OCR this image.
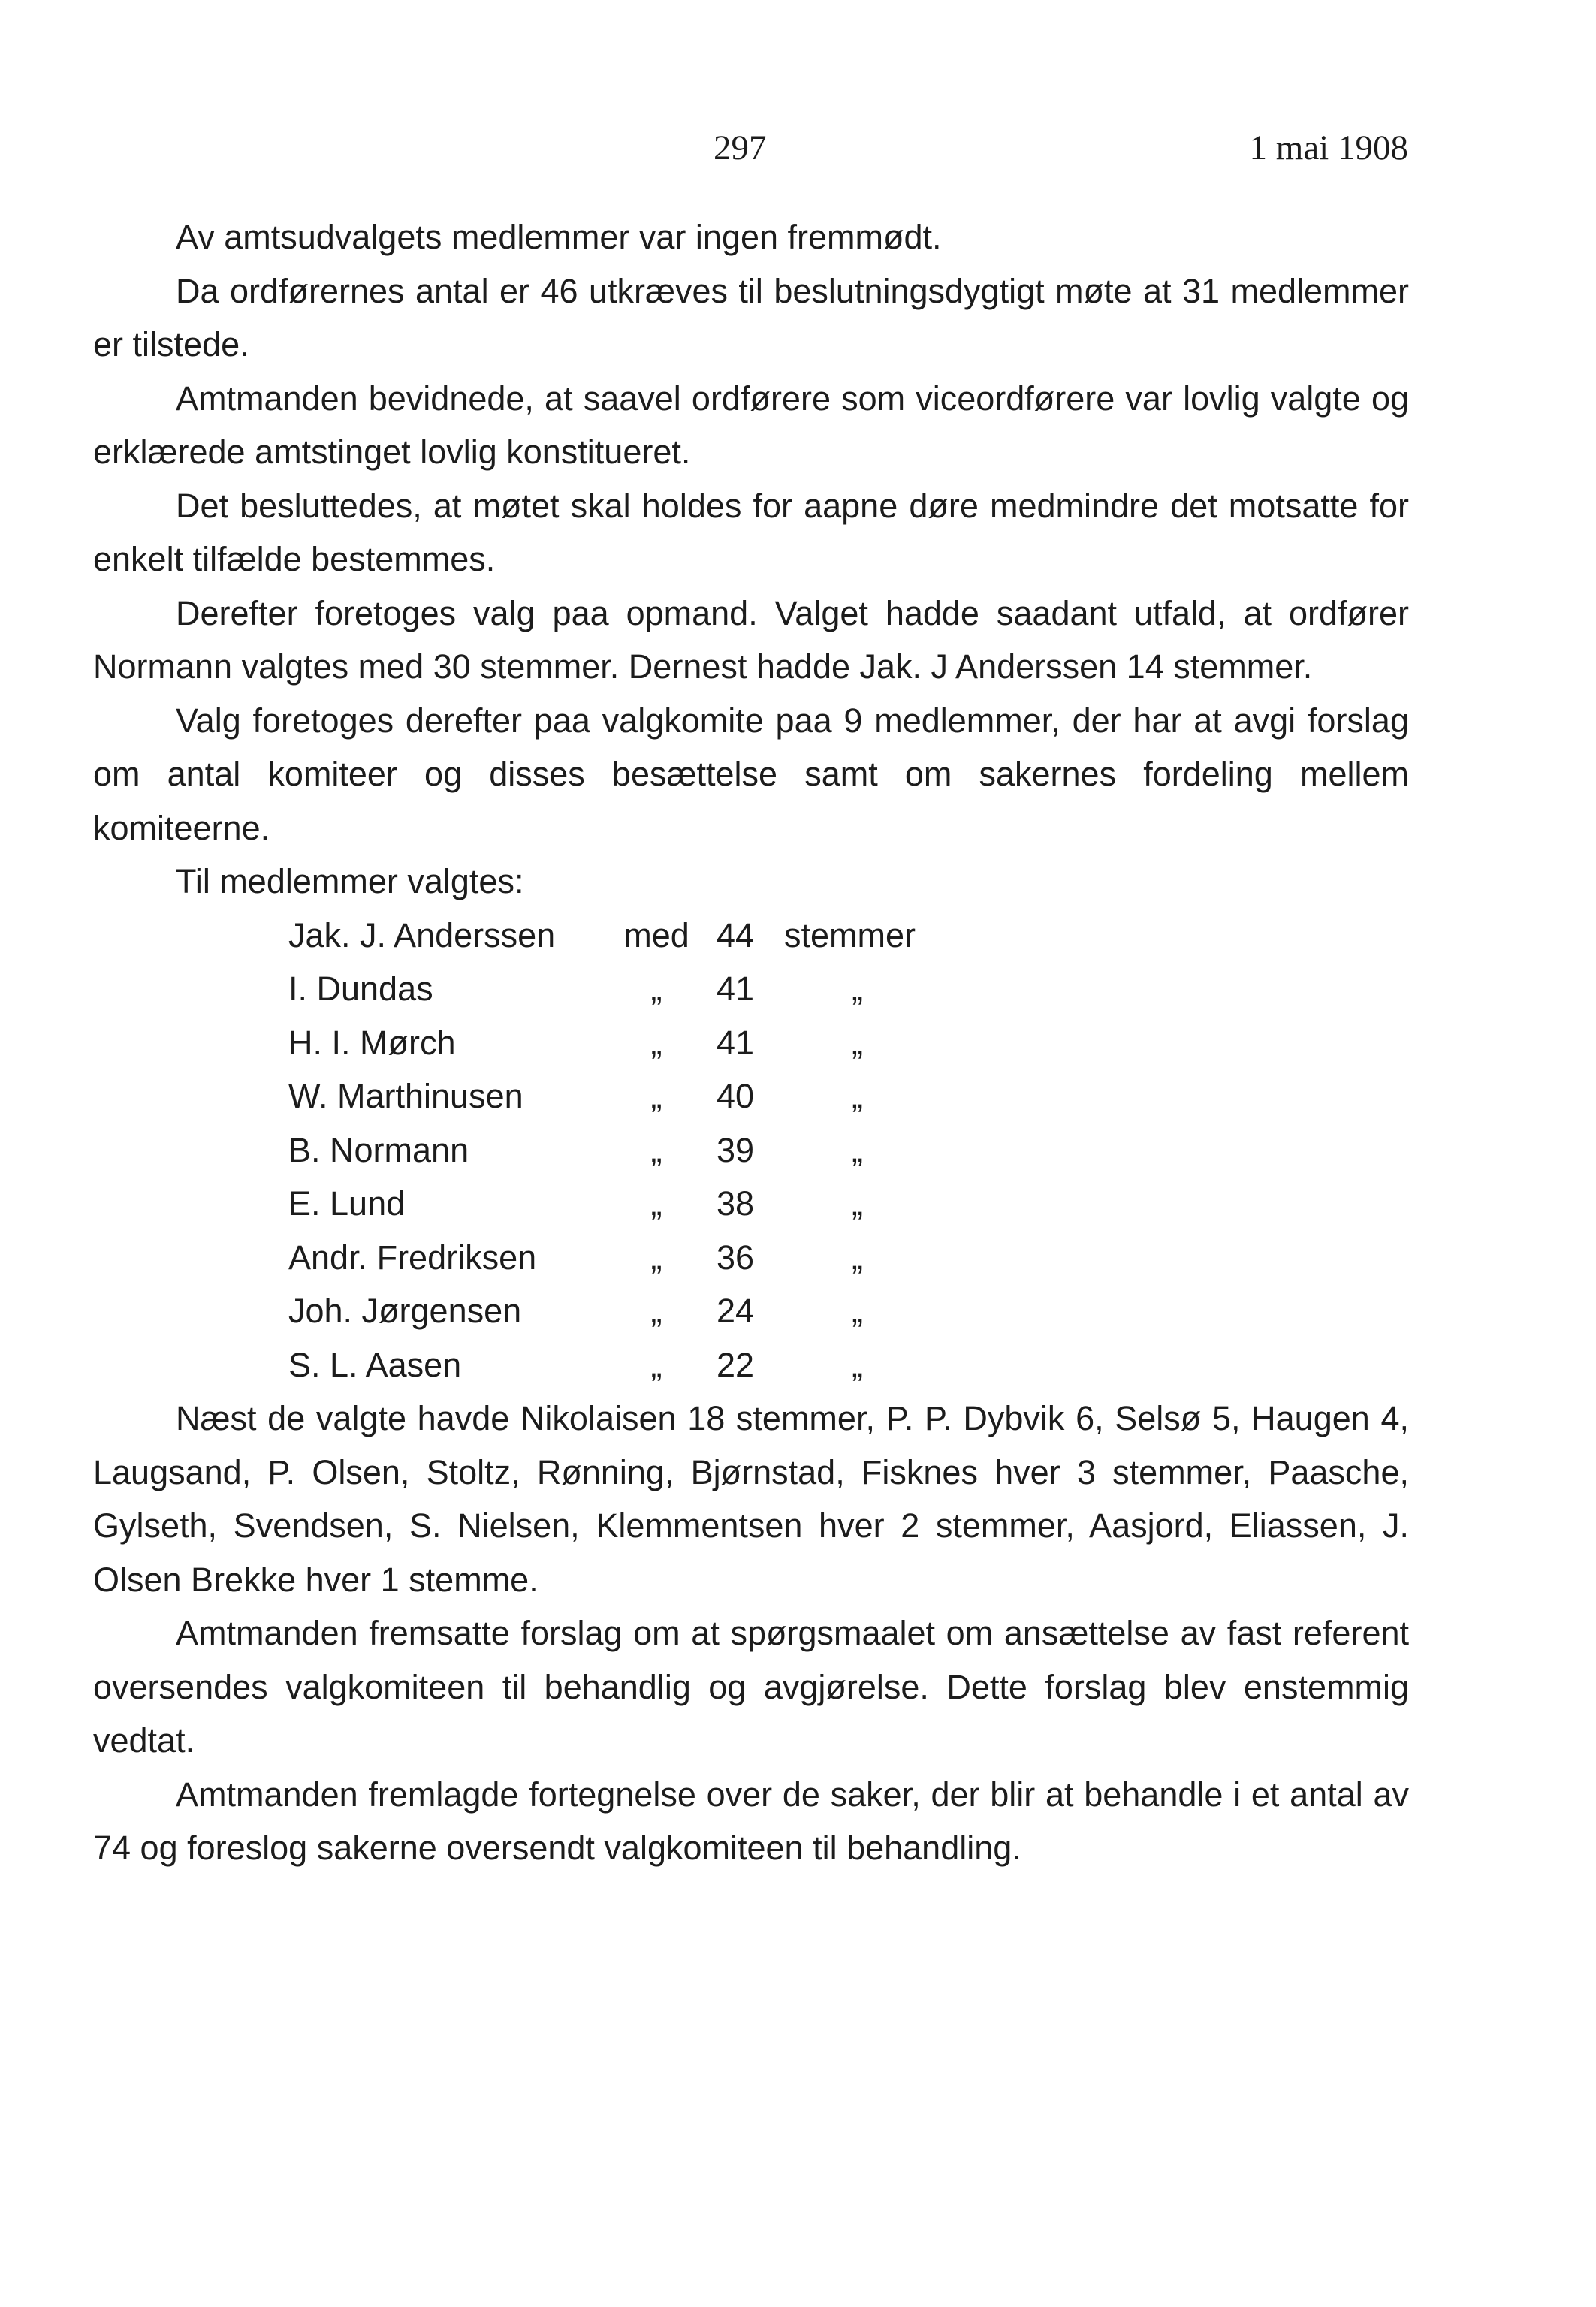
297	1 mai 1908

Av amtsudvalgets medlemmer var ingen fremmødt.

Da ordførernes antal er 46 utkræves til beslutningsdygtigt møte at 31 medlemmer er tilstede.

Amtmanden bevidnede, at saavel ordførere som viceordførere var lovlig valgte og erklærede amtstinget lovlig konstitueret.

Det besluttedes, at møtet skal holdes for aapne døre medmindre det motsatte for enkelt tilfælde bestemmes.

Derefter foretoges valg paa opmand. Valget hadde saadant utfald, at ordfører Normann valgtes med 30 stemmer. Dernest hadde Jak. J Anderssen 14 stemmer.

Valg foretoges derefter paa valgkomite paa 9 medlemmer, der har at avgi forslag om antal komiteer og disses besættelse samt om sakernes fordeling mellem komiteerne.

Til medlemmer valgtes:

Jak. J. Anderssen	med	44	stemmer
I. Dundas	„	41	„
H. I. Mørch	„	41	„
W. Marthinusen	„	40	„
B. Normann	„	39	„
E. Lund	„	38	„
Andr. Fredriksen	„	36	„
Joh. Jørgensen	„	24	„
S. L. Aasen	„	22	„

Næst de valgte havde Nikolaisen 18 stemmer, P. P. Dybvik 6, Selsø 5, Haugen 4, Laugsand, P. Olsen, Stoltz, Rønning, Bjørnstad, Fisknes hver 3 stemmer, Paasche, Gylseth, Svendsen, S. Nielsen, Klemmentsen hver 2 stemmer, Aasjord, Eliassen, J. Olsen Brekke hver 1 stemme.

Amtmanden fremsatte forslag om at spørgsmaalet om ansættelse av fast referent oversendes valgkomiteen til behandlig og avgjørelse. Dette forslag blev enstemmig vedtat.

Amtmanden fremlagde fortegnelse over de saker, der blir at behandle i et antal av 74 og foreslog sakerne oversendt valgkomiteen til behandling.
